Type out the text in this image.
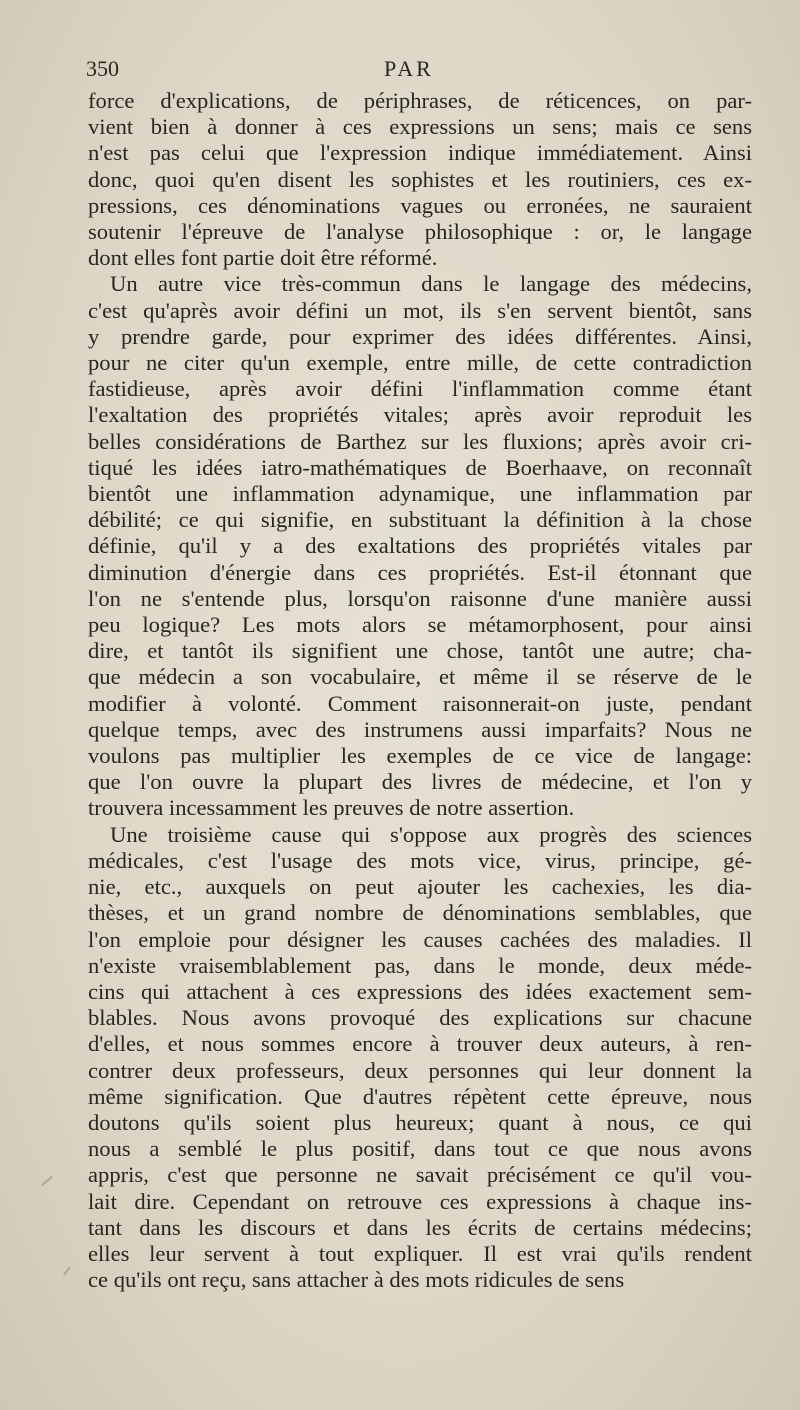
350	PAR
force d'explications, de périphrases, de réticences, on par-
vient bien à donner à ces expressions un sens; mais ce sens
n'est pas celui que l'expression indique immédiatement. Ainsi
donc, quoi qu'en disent les sophistes et les routiniers, ces ex-
pressions, ces dénominations vagues ou erronées, ne sauraient
soutenir l'épreuve de l'analyse philosophique : or, le langage
dont elles font partie doit être réformé.
Un autre vice très-commun dans le langage des médecins,
c'est qu'après avoir défini un mot, ils s'en servent bientôt, sans
y prendre garde, pour exprimer des idées différentes. Ainsi,
pour ne citer qu'un exemple, entre mille, de cette contradiction
fastidieuse, après avoir défini l'inflammation comme étant
l'exaltation des propriétés vitales; après avoir reproduit les
belles considérations de Barthez sur les fluxions; après avoir cri-
tiqué les idées iatro-mathématiques de Boerhaave, on reconnaît
bientôt une inflammation adynamique, une inflammation par
débilité; ce qui signifie, en substituant la définition à la chose
définie, qu'il y a des exaltations des propriétés vitales par
diminution d'énergie dans ces propriétés. Est-il étonnant que
l'on ne s'entende plus, lorsqu'on raisonne d'une manière aussi
peu logique? Les mots alors se métamorphosent, pour ainsi
dire, et tantôt ils signifient une chose, tantôt une autre; cha-
que médecin a son vocabulaire, et même il se réserve de le
modifier à volonté. Comment raisonnerait-on juste, pendant
quelque temps, avec des instrumens aussi imparfaits? Nous ne
voulons pas multiplier les exemples de ce vice de langage:
que l'on ouvre la plupart des livres de médecine, et l'on y
trouvera incessamment les preuves de notre assertion.
Une troisième cause qui s'oppose aux progrès des sciences
médicales, c'est l'usage des mots vice, virus, principe, gé-
nie, etc., auxquels on peut ajouter les cachexies, les dia-
thèses, et un grand nombre de dénominations semblables, que
l'on emploie pour désigner les causes cachées des maladies. Il
n'existe vraisemblablement pas, dans le monde, deux méde-
cins qui attachent à ces expressions des idées exactement sem-
blables. Nous avons provoqué des explications sur chacune
d'elles, et nous sommes encore à trouver deux auteurs, à ren-
contrer deux professeurs, deux personnes qui leur donnent la
même signification. Que d'autres répètent cette épreuve, nous
doutons qu'ils soient plus heureux; quant à nous, ce qui
nous a semblé le plus positif, dans tout ce que nous avons
appris, c'est que personne ne savait précisément ce qu'il vou-
lait dire. Cependant on retrouve ces expressions à chaque ins-
tant dans les discours et dans les écrits de certains médecins;
elles leur servent à tout expliquer. Il est vrai qu'ils rendent
ce qu'ils ont reçu, sans attacher à des mots ridicules de sens
